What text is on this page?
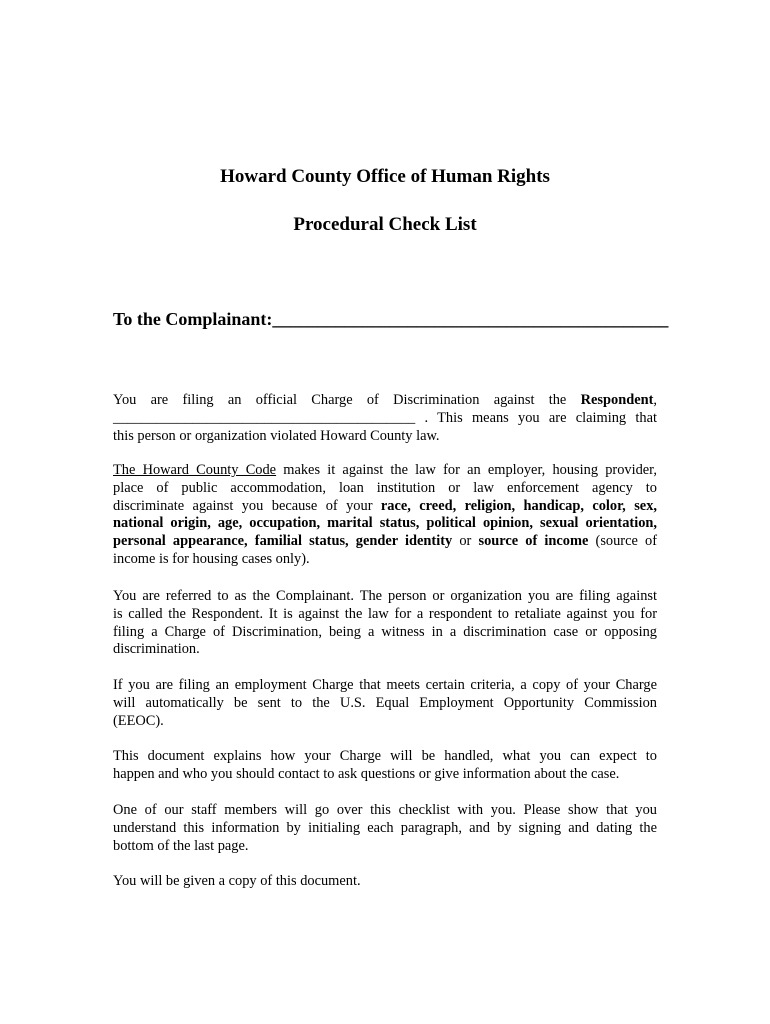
Howard County Office of Human Rights

Procedural Check List

To the Complainant:____________________________________________

You are filing an official Charge of Discrimination against the Respondent,
__________________________________________ . This means you are claiming that
this person or organization violated Howard County law.
The Howard County Code makes it against the law for an employer, housing provider,
place of public accommodation, loan institution or law enforcement agency to
discriminate against you because of your race, creed, religion, handicap, color, sex,
national origin, age, occupation, marital status, political opinion, sexual orientation,
personal appearance, familial status, gender identity or source of income (source of
income is for housing cases only).
You are referred to as the Complainant. The person or organization you are filing against
is called the Respondent. It is against the law for a respondent to retaliate against you for
filing a Charge of Discrimination, being a witness in a discrimination case or opposing
discrimination.
If you are filing an employment Charge that meets certain criteria, a copy of your Charge
will automatically be sent to the U.S. Equal Employment Opportunity Commission
(EEOC).
This document explains how your Charge will be handled, what you can expect to
happen and who you should contact to ask questions or give information about the case.
One of our staff members will go over this checklist with you. Please show that you
understand this information by initialing each paragraph, and by signing and dating the
bottom of the last page.
You will be given a copy of this document.
